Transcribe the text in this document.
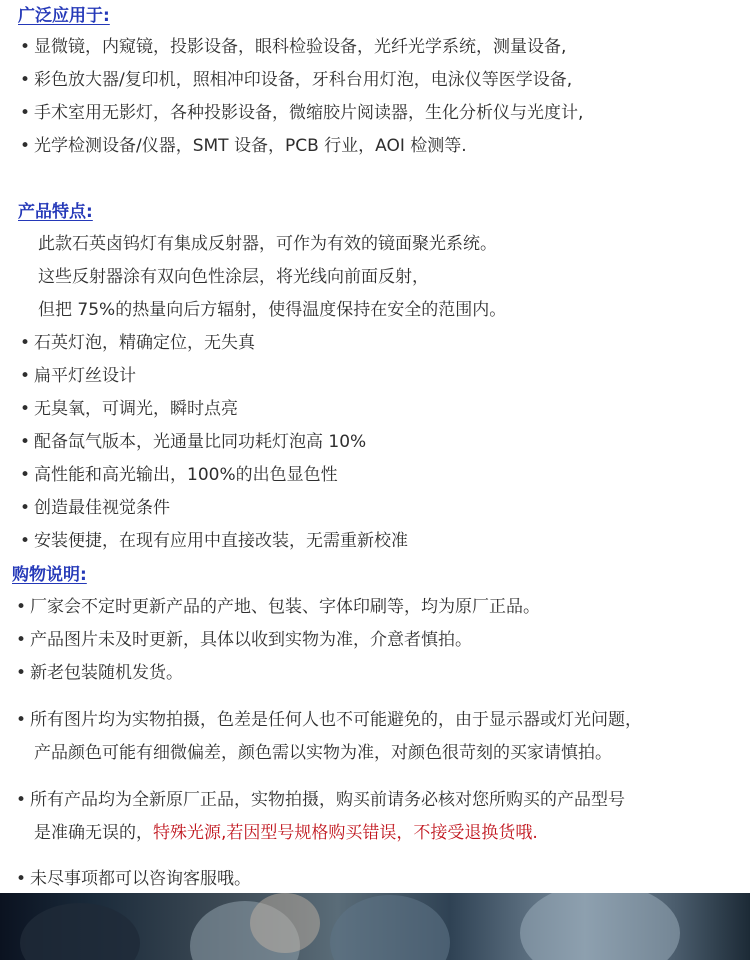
广泛应用于:
• 显微镜，内窥镜，投影设备，眼科检验设备，光纤光学系统，测量设备,
• 彩色放大器/复印机，照相冲印设备，牙科台用灯泡，电泳仪等医学设备,
• 手术室用无影灯，各种投影设备，微缩胶片阅读器，生化分析仪与光度计,
• 光学检测设备/仪器，SMT 设备，PCB 行业，AOI 检测等.
产品特点:
此款石英卤钨灯有集成反射器，可作为有效的镜面聚光系统。
这些反射器涂有双向色性涂层，将光线向前面反射，
但把 75%的热量向后方辐射，使得温度保持在安全的范围内。
• 石英灯泡，精确定位，无失真
• 扁平灯丝设计
• 无臭氧，可调光，瞬时点亮
• 配备氙气版本，光通量比同功耗灯泡高 10%
• 高性能和高光输出，100%的出色显色性
• 创造最佳视觉条件
• 安装便捷，在现有应用中直接改装，无需重新校准
购物说明:
• 厂家会不定时更新产品的产地、包装、字体印刷等，均为原厂正品。
• 产品图片未及时更新，具体以收到实物为准，介意者慎拍。
• 新老包装随机发货。
• 所有图片均为实物拍摄，色差是任何人也不可能避免的，由于显示器或灯光问题，
产品颜色可能有细微偏差，颜色需以实物为准，对颜色很苛刻的买家请慎拍。
• 所有产品均为全新原厂正品，实物拍摄，购买前请务必核对您所购买的产品型号
是准确无误的，特殊光源,若因型号规格购买错误，不接受退换货哦.
• 未尽事项都可以咨询客服哦。
